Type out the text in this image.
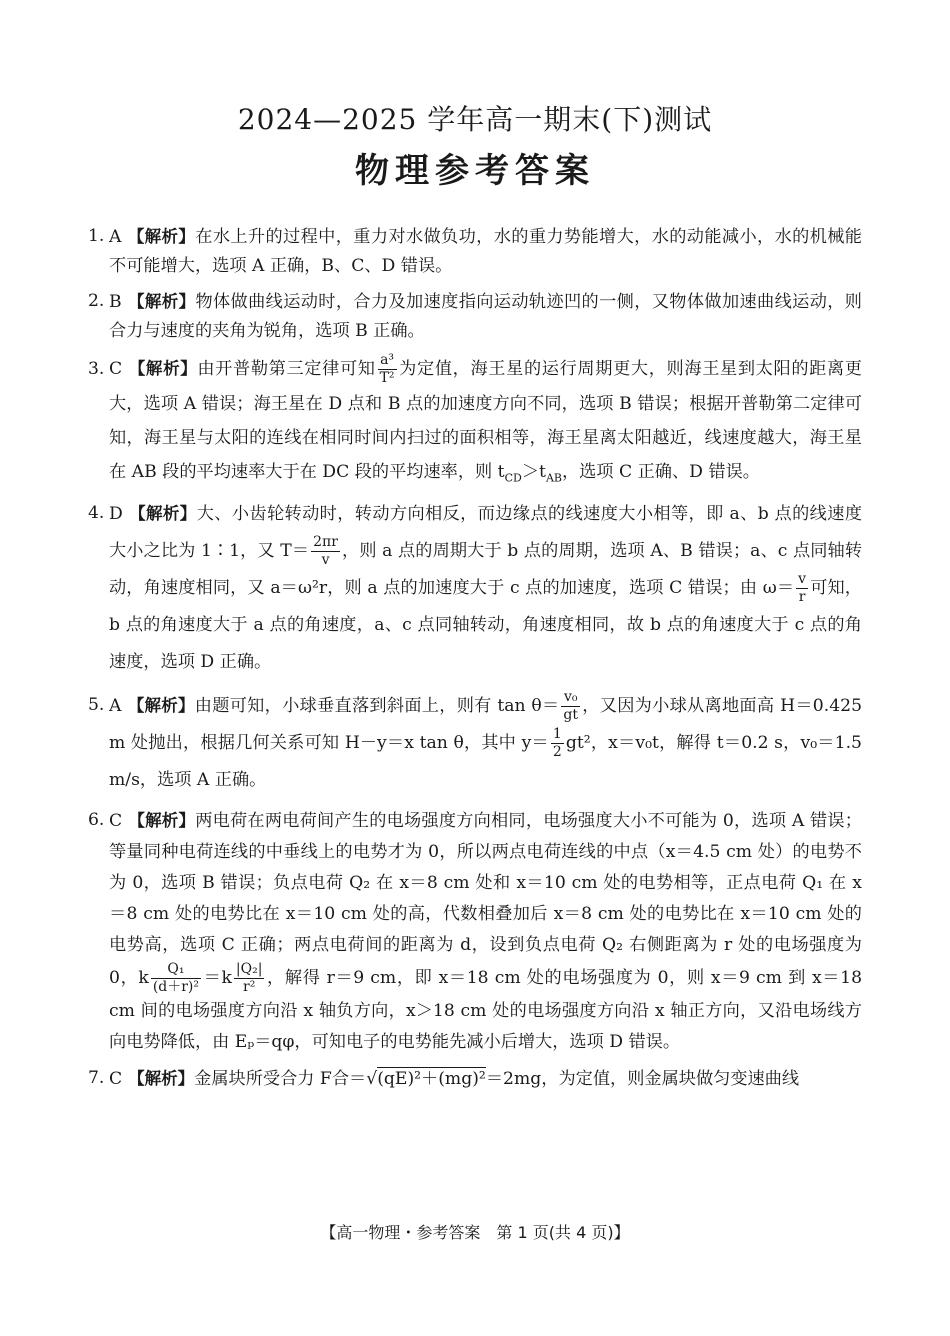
2024—2025 学年高一期末(下)测试
物理参考答案
1. A 【解析】在水上升的过程中，重力对水做负功，水的重力势能增大，水的动能减小，水的机械能不可能增大，选项 A 正确，B、C、D 错误。
2. B 【解析】物体做曲线运动时，合力及加速度指向运动轨迹凹的一侧，又物体做加速曲线运动，则合力与速度的夹角为锐角，选项 B 正确。
3. C 【解析】由开普勒第三定律可知 $\frac{\text{a³}}{\text{T²}}$ 为定值，海王星的运行周期更大，则海王星到太阳的距离更大，选项 A 错误；海王星在 D 点和 B 点的加速度方向不同，选项 B 错误；根据开普勒第二定律可知，海王星与太阳的连线在相同时间内扫过的面积相等，海王星离太阳越近，线速度越大，海王星在 AB 段的平均速率大于在 DC 段的平均速率，则 $t_{CD}>t_{AB}$，选项 C 正确、D 错误。
4. D 【解析】大、小齿轮转动时，转动方向相反，而边缘点的线速度大小相等，即 a、b 点的线速度大小之比为 1∶1，又 $T= \frac{2\pi r}{v}$ ，则 a 点的周期大于 b 点的周期，选项 A、B 错误；a、c 点同轴转动，角速度相同，又 a＝ω²r，则 a 点的加速度大于 c 点的加速度，选项 C 错误；由 $\omega= \frac{v}{r}$ 可知，b 点的角速度大于 a 点的角速度，a、c 点同轴转动，角速度相同，故 b 点的角速度大于 c 点的角速度，选项 D 正确。
5. A 【解析】由题可知，小球垂直落到斜面上，则有 $\tan \theta= \frac{\text{v₀}}{gt}$ ，又因为小球从离地面高 H＝0.425 m 处抛出，根据几何关系可知 H－y＝x tan θ，其中 $y= \frac{1}{2} gt^2$，x＝v₀t，解得 t＝0.2 s，v₀＝1.5 m/s，选项 A 正确。
6. C 【解析】两电荷在两电荷间产生的电场强度方向相同，电场强度大小不可能为 0，选项 A 错误；等量同种电荷连线的中垂线上的电势才为 0，所以两点电荷连线的中点（x＝4.5 cm 处）的电势不为 0，选项 B 错误；负点电荷 Q₂ 在 x＝8 cm 处和 x＝10 cm 处的电势相等，正点电荷 Q₁ 在 x＝8 cm 处的电势比在 x＝10 cm 处的高，代数相叠加后 x＝8 cm 处的电势比在 x＝10 cm 处的电势高，选项 C 正确；两点电荷间的距离为 d，设到负点电荷 Q₂ 右侧距离为 r 处的电场强度为 0，k $\frac{\text{Q₁}}{\text{(d＋r)²}} =k \frac{\text{|Q₂|}}{\text{r²}}$ ，解得 r＝9 cm，即 x＝18 cm 处的电场强度为 0，则 x＝9 cm 到 x＝18 cm 间的电场强度方向沿 x 轴负方向，x＞18 cm 处的电场强度方向沿 x 轴正方向，又沿电场线方向电势降低，由 Eₚ＝qφ，可知电子的电势能先减小后增大，选项 D 错误。
7. C 【解析】金属块所受合力 F合＝√(qE)²＋(mg)²＝2mg，为定值，则金属块做匀变速曲线
【高一物理・参考答案　第 1 页(共 4 页)】
